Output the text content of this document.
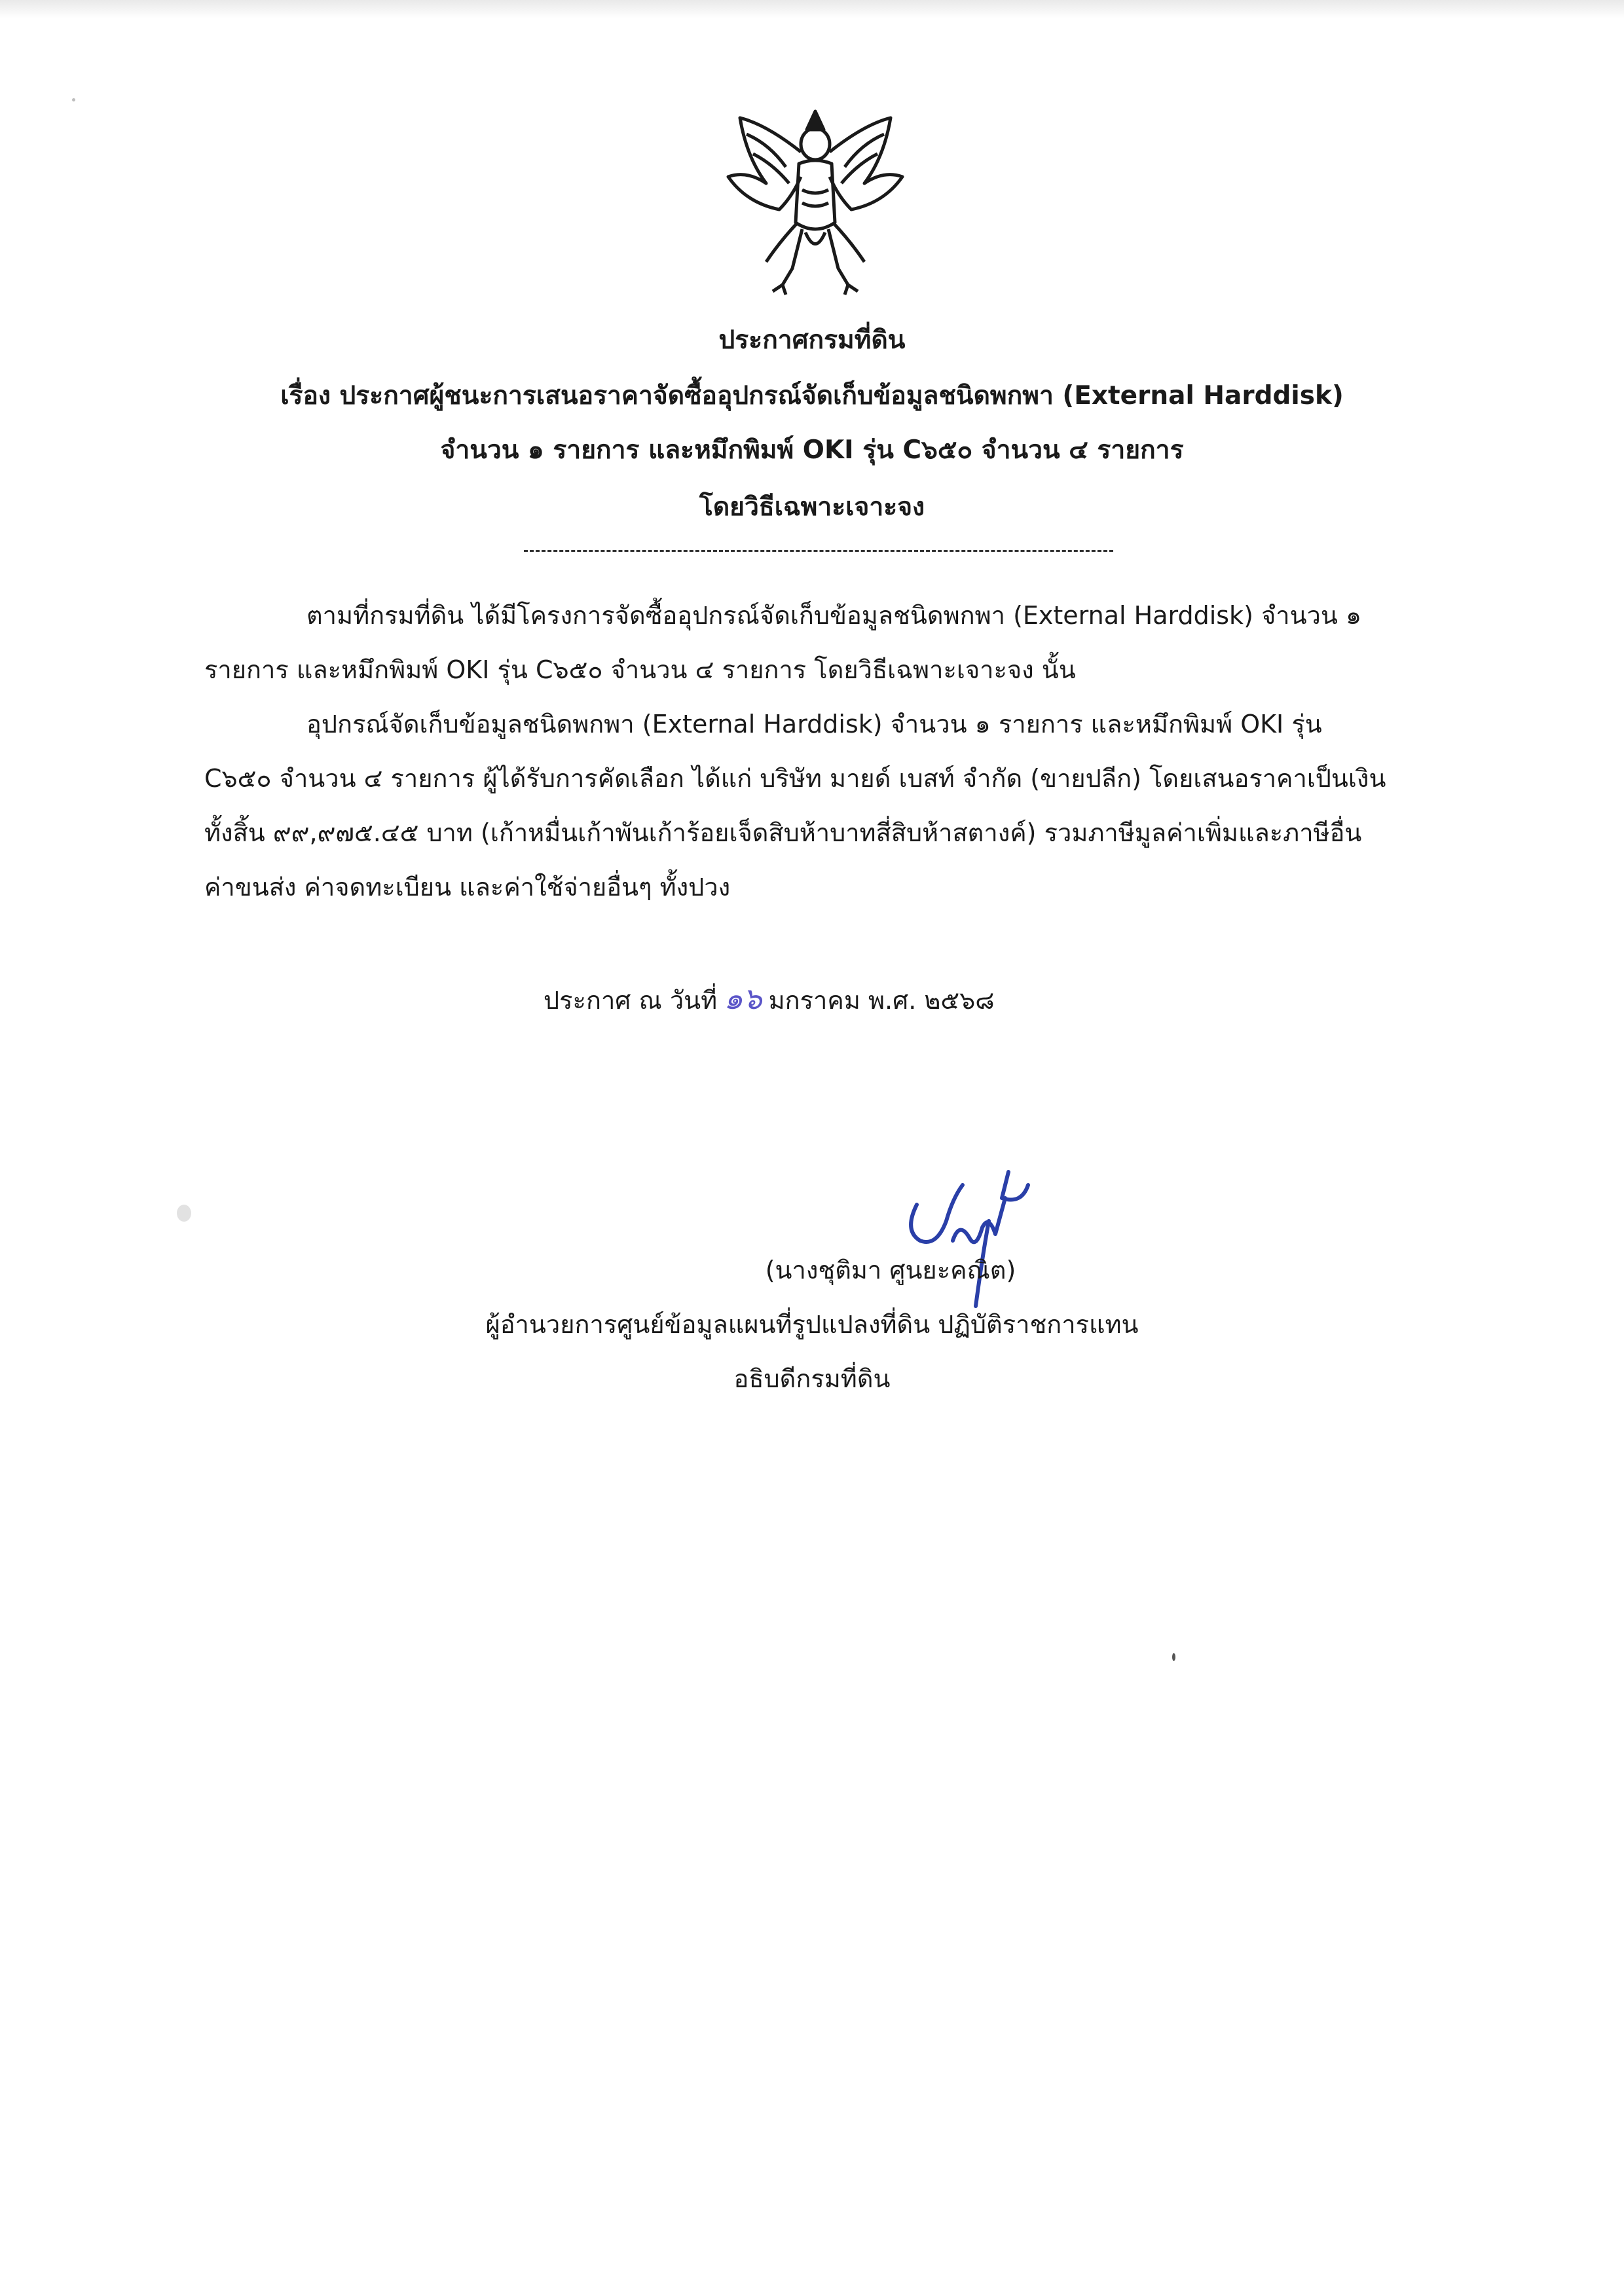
ประกาศกรมที่ดิน
เรื่อง ประกาศผู้ชนะการเสนอราคาจัดซื้ออุปกรณ์จัดเก็บข้อมูลชนิดพกพา (External Harddisk)
จำนวน ๑ รายการ และหมึกพิมพ์ OKI รุ่น C๖๕๐ จำนวน ๔ รายการ
โดยวิธีเฉพาะเจาะจง
ตามที่กรมที่ดิน ได้มีโครงการจัดซื้ออุปกรณ์จัดเก็บข้อมูลชนิดพกพา (External Harddisk) จำนวน ๑
รายการ และหมึกพิมพ์ OKI รุ่น C๖๕๐ จำนวน ๔ รายการ โดยวิธีเฉพาะเจาะจง นั้น
อุปกรณ์จัดเก็บข้อมูลชนิดพกพา (External Harddisk) จำนวน ๑ รายการ และหมึกพิมพ์ OKI รุ่น
C๖๕๐ จำนวน ๔ รายการ ผู้ได้รับการคัดเลือก ได้แก่ บริษัท มายด์ เบสท์ จำกัด (ขายปลีก) โดยเสนอราคาเป็นเงิน
ทั้งสิ้น ๙๙,๙๗๕.๔๕ บาท (เก้าหมื่นเก้าพันเก้าร้อยเจ็ดสิบห้าบาทสี่สิบห้าสตางค์) รวมภาษีมูลค่าเพิ่มและภาษีอื่น
ค่าขนส่ง ค่าจดทะเบียน และค่าใช้จ่ายอื่นๆ ทั้งปวง
ประกาศ ณ วันที่ ๑๖ มกราคม พ.ศ. ๒๕๖๘
(นางชุติมา ศูนยะคณิต)
ผู้อำนวยการศูนย์ข้อมูลแผนที่รูปแปลงที่ดิน ปฏิบัติราชการแทน
อธิบดีกรมที่ดิน
